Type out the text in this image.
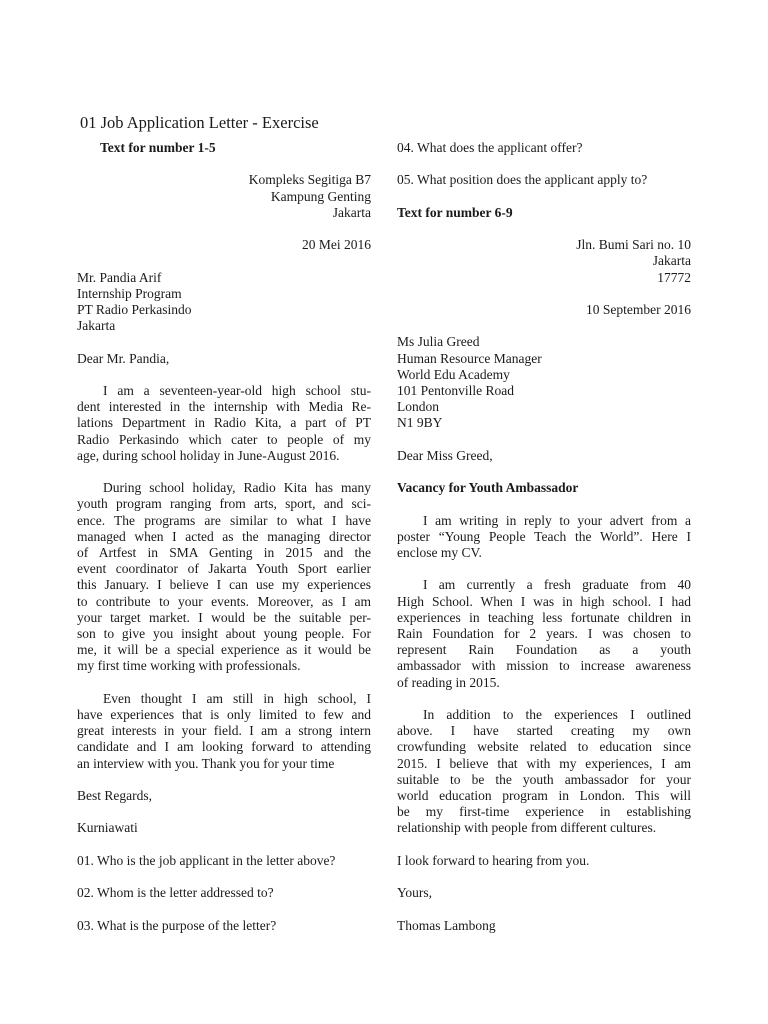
01 Job Application Letter - Exercise
Text for number 1-5
Kompleks Segitiga B7
Kampung Genting
Jakarta
20 Mei 2016
Mr. Pandia Arif
Internship Program
PT Radio Perkasindo
Jakarta
Dear Mr. Pandia,
I am a seventeen-year-old high school stu-
dent interested in the internship with Media Re-
lations Department in Radio Kita, a part of PT
Radio Perkasindo which cater to people of my
age, during school holiday in June-August 2016.
During school holiday, Radio Kita has many
youth program ranging from arts, sport, and sci-
ence. The programs are similar to what I have
managed when I acted as the managing director
of Artfest in SMA Genting in 2015 and the
event coordinator of Jakarta Youth Sport earlier
this January. I believe I can use my experiences
to contribute to your events. Moreover, as I am
your target market. I would be the suitable per-
son to give you insight about young people. For
me, it will be a special experience as it would be
my first time working with professionals.
Even thought I am still in high school, I
have experiences that is only limited to few and
great interests in your field. I am a strong intern
candidate and I am looking forward to attending
an interview with you. Thank you for your time
Best Regards,
Kurniawati
01. Who is the job applicant in the letter above?
02. Whom is the letter addressed to?
03. What is the purpose of the letter?
04. What does the applicant offer?
05. What position does the applicant apply to?
Text for number 6-9
Jln. Bumi Sari no. 10
Jakarta
17772
10 September 2016
Ms Julia Greed
Human Resource Manager
World Edu Academy
101 Pentonville Road
London
N1 9BY
Dear Miss Greed,
Vacancy for Youth Ambassador
I am writing in reply to your advert from a
poster “Young People Teach the World”. Here I
enclose my CV.
I am currently a fresh graduate from 40
High School. When I was in high school. I had
experiences in teaching less fortunate children in
Rain Foundation for 2 years. I was chosen to
represent Rain Foundation as a youth
ambassador with mission to increase awareness
of reading in 2015.
In addition to the experiences I outlined
above. I have started creating my own
crowfunding website related to education since
2015. I believe that with my experiences, I am
suitable to be the youth ambassador for your
world education program in London. This will
be my first-time experience in establishing
relationship with people from different cultures.
I look forward to hearing from you.
Yours,
Thomas Lambong
